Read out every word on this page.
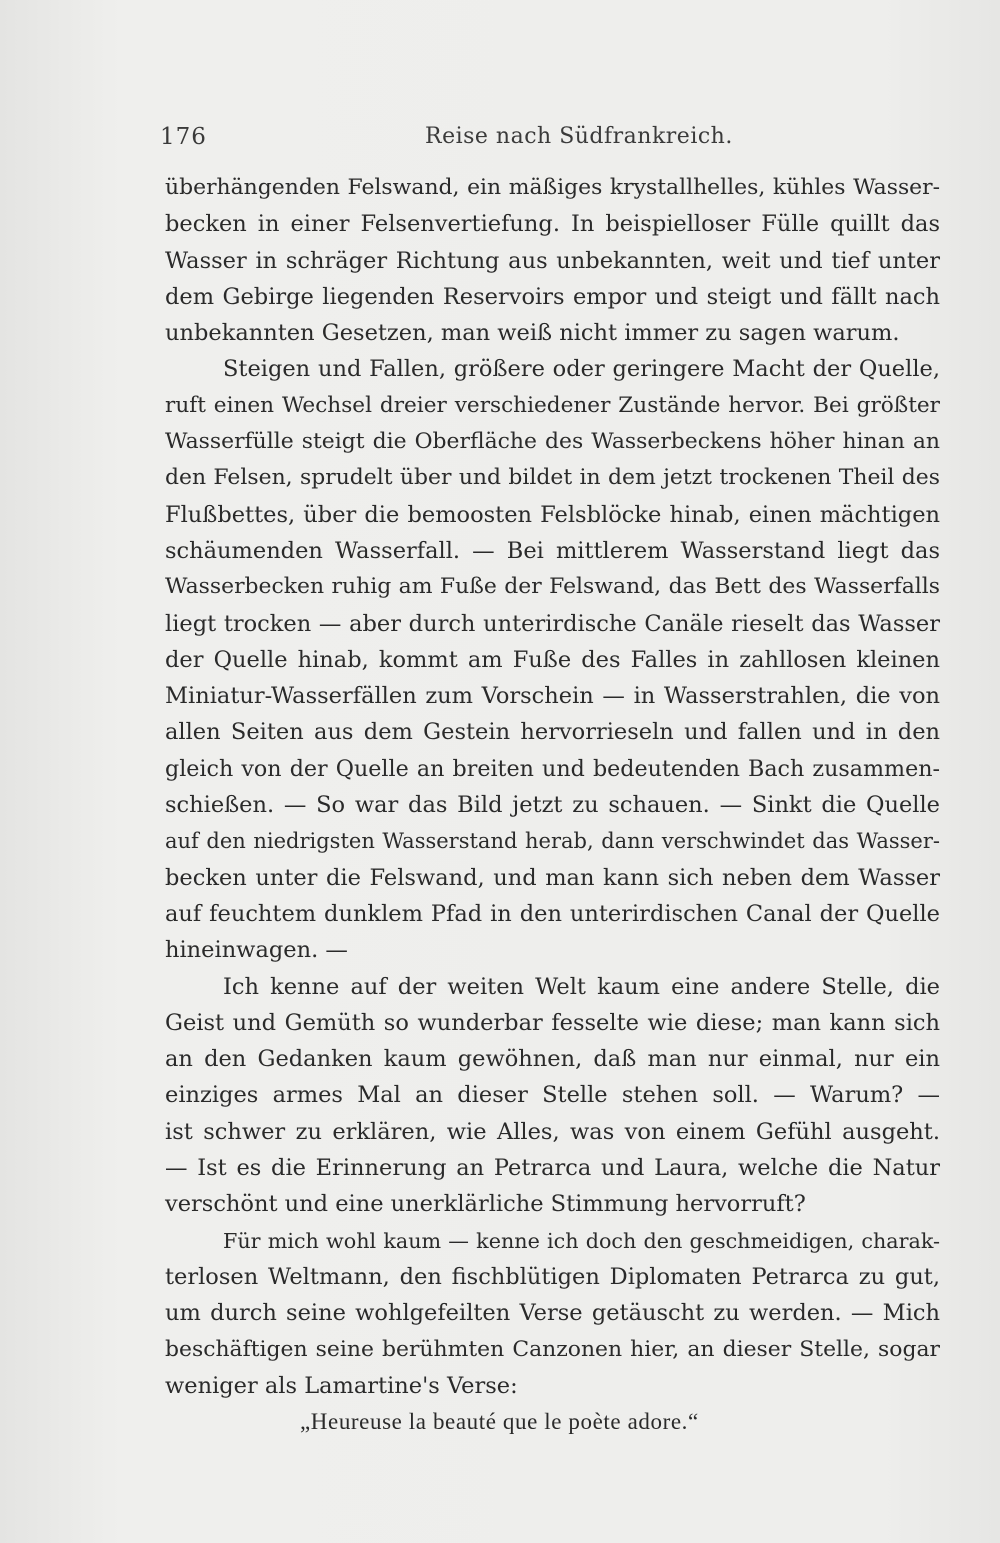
176	Reise nach Südfrankreich.
überhängenden Felswand, ein mäßiges krystallhelles, kühles Wasser-
becken in einer Felsenvertiefung. In beispielloser Fülle quillt das
Wasser in schräger Richtung aus unbekannten, weit und tief unter
dem Gebirge liegenden Reservoirs empor und steigt und fällt nach
unbekannten Gesetzen, man weiß nicht immer zu sagen warum.
Steigen und Fallen, größere oder geringere Macht der Quelle,
ruft einen Wechsel dreier verschiedener Zustände hervor. Bei größter
Wasserfülle steigt die Oberfläche des Wasserbeckens höher hinan an
den Felsen, sprudelt über und bildet in dem jetzt trockenen Theil des
Flußbettes, über die bemoosten Felsblöcke hinab, einen mächtigen
schäumenden Wasserfall. — Bei mittlerem Wasserstand liegt das
Wasserbecken ruhig am Fuße der Felswand, das Bett des Wasserfalls
liegt trocken — aber durch unterirdische Canäle rieselt das Wasser
der Quelle hinab, kommt am Fuße des Falles in zahllosen kleinen
Miniatur-Wasserfällen zum Vorschein — in Wasserstrahlen, die von
allen Seiten aus dem Gestein hervorrieseln und fallen und in den
gleich von der Quelle an breiten und bedeutenden Bach zusammen-
schießen. — So war das Bild jetzt zu schauen. — Sinkt die Quelle
auf den niedrigsten Wasserstand herab, dann verschwindet das Wasser-
becken unter die Felswand, und man kann sich neben dem Wasser
auf feuchtem dunklem Pfad in den unterirdischen Canal der Quelle
hineinwagen. —
Ich kenne auf der weiten Welt kaum eine andere Stelle, die
Geist und Gemüth so wunderbar fesselte wie diese; man kann sich
an den Gedanken kaum gewöhnen, daß man nur einmal, nur ein
einziges armes Mal an dieser Stelle stehen soll. — Warum? —
ist schwer zu erklären, wie Alles, was von einem Gefühl ausgeht.
— Ist es die Erinnerung an Petrarca und Laura, welche die Natur
verschönt und eine unerklärliche Stimmung hervorruft?
Für mich wohl kaum — kenne ich doch den geschmeidigen, charak-
terlosen Weltmann, den fischblütigen Diplomaten Petrarca zu gut,
um durch seine wohlgefeilten Verse getäuscht zu werden. — Mich
beschäftigen seine berühmten Canzonen hier, an dieser Stelle, sogar
weniger als Lamartine's Verse:
„Heureuse la beauté que le poète adore.“
